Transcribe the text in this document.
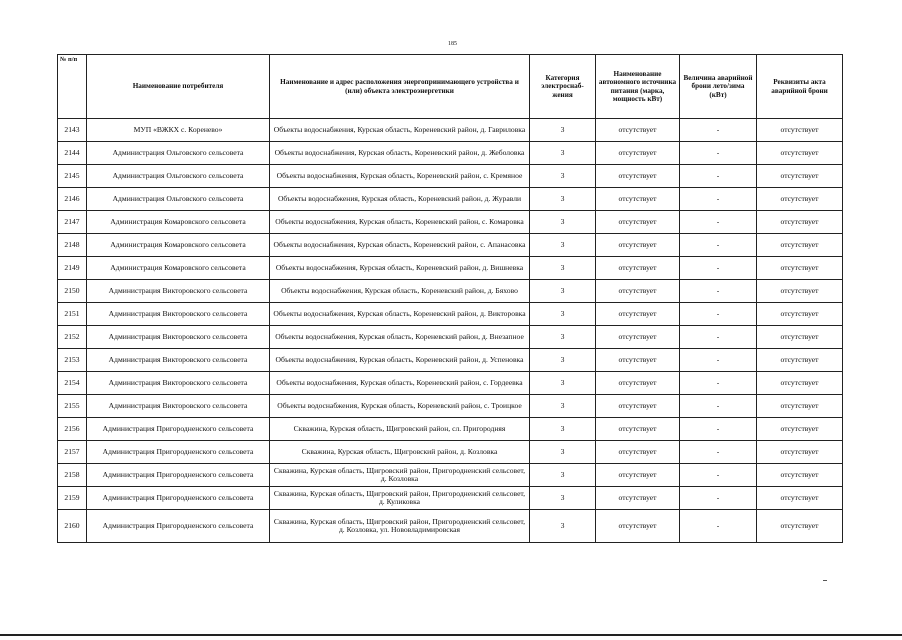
185
№ п/п	Наименование потребителя	Наименование и адрес расположения энергопринимающего устройства и (или) объекта электроэнергетики	Категория электроснаб-жения	Наименование автономного источника питания (марка, мощность кВт)	Величина аварийной брони лето/зима (кВт)	Реквизиты акта аварийной брони
2143	МУП «ВЖКХ с. Коренево»	Объекты водоснабжения, Курская область, Кореневский район, д. Гавриловка	3	отсутствует	-	отсутствует
2144	Администрация Ольговского сельсовета	Объекты водоснабжения, Курская область, Кореневский район, д. Жеболовка	3	отсутствует	-	отсутствует
2145	Администрация Ольговского сельсовета	Объекты водоснабжения, Курская область, Кореневский район, с. Кремяное	3	отсутствует	-	отсутствует
2146	Администрация Ольговского сельсовета	Объекты водоснабжения, Курская область, Кореневский район, д. Журавли	3	отсутствует	-	отсутствует
2147	Администрация Комаровского сельсовета	Объекты водоснабжения, Курская область, Кореневский район, с. Комаровка	3	отсутствует	-	отсутствует
2148	Администрация Комаровского сельсовета	Объекты водоснабжения, Курская область, Кореневский район, с. Апанасовка	3	отсутствует	-	отсутствует
2149	Администрация Комаровского сельсовета	Объекты водоснабжения, Курская область, Кореневский район, д. Вишневка	3	отсутствует	-	отсутствует
2150	Администрация Викторовского сельсовета	Объекты водоснабжения, Курская область, Кореневский район, д. Бяхово	3	отсутствует	-	отсутствует
2151	Администрация Викторовского сельсовета	Объекты водоснабжения, Курская область, Кореневский район, д. Викторовка	3	отсутствует	-	отсутствует
2152	Администрация Викторовского сельсовета	Объекты водоснабжения, Курская область, Кореневский район, д. Внезапное	3	отсутствует	-	отсутствует
2153	Администрация Викторовского сельсовета	Объекты водоснабжения, Курская область, Кореневский район, д. Успеновка	3	отсутствует	-	отсутствует
2154	Администрация Викторовского сельсовета	Объекты водоснабжения, Курская область, Кореневский район, с. Гордеевка	3	отсутствует	-	отсутствует
2155	Администрация Викторовского сельсовета	Объекты водоснабжения, Курская область, Кореневский район, с. Троицкое	3	отсутствует	-	отсутствует
2156	Администрация Пригородненского сельсовета	Скважина, Курская область, Щигровский район, сл. Пригородняя	3	отсутствует	-	отсутствует
2157	Администрация Пригородненского сельсовета	Скважина, Курская область, Щигровский район, д. Козловка	3	отсутствует	-	отсутствует
2158	Администрация Пригородненского сельсовета	Скважина, Курская область, Щигровский район, Пригородненский сельсовет, д. Козловка	3	отсутствует	-	отсутствует
2159	Администрация Пригородненского сельсовета	Скважина, Курская область, Щигровский район, Пригородненский сельсовет, д. Куликовка	3	отсутствует	-	отсутствует
2160	Администрация Пригородненского сельсовета	Скважина, Курская область, Щигровский район, Пригородненский сельсовет, д. Козловка, ул. Нововладимировская	3	отсутствует	-	отсутствует
